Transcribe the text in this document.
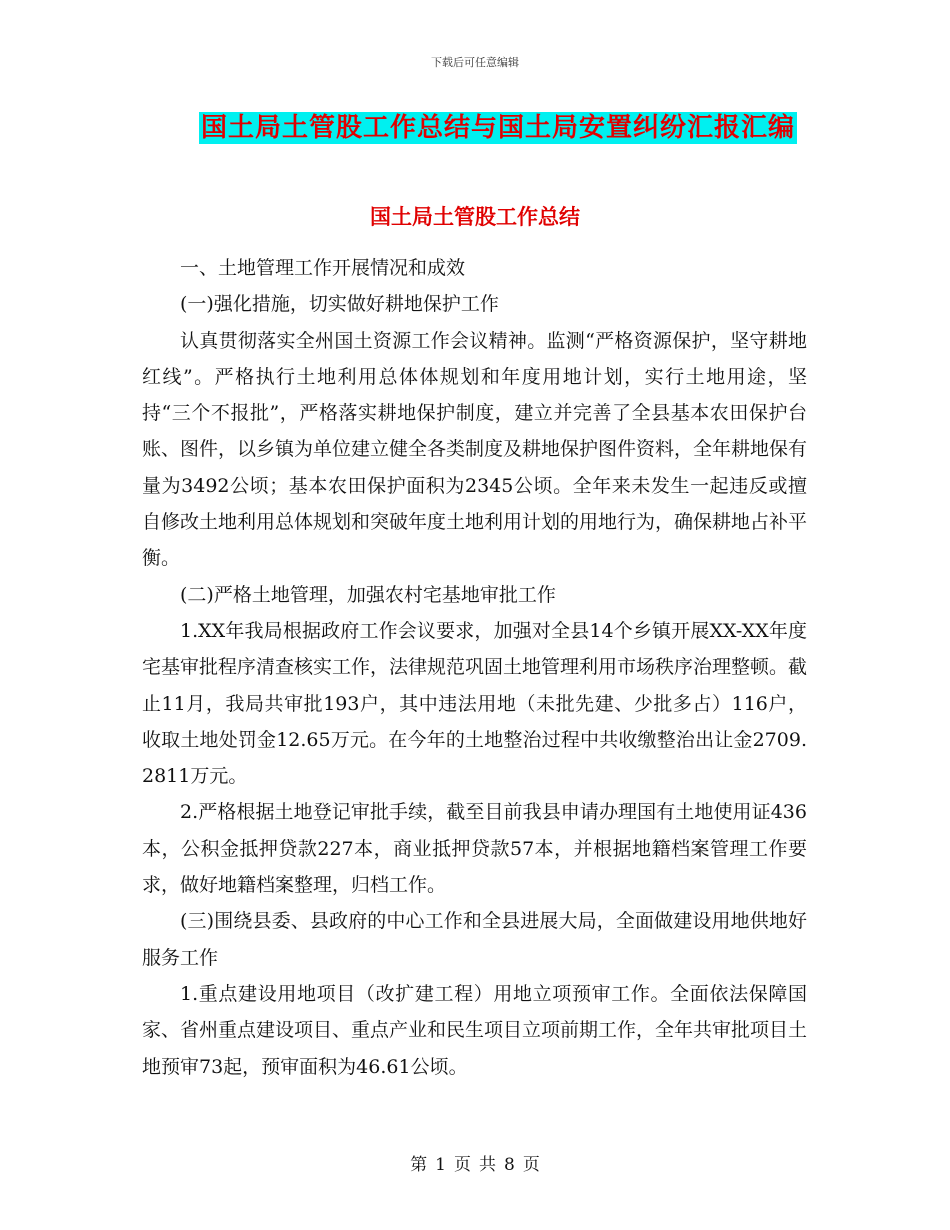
下载后可任意编辑
国土局土管股工作总结与国土局安置纠纷汇报汇编
国土局土管股工作总结

一、土地管理工作开展情况和成效

(一)强化措施，切实做好耕地保护工作

认真贯彻落实全州国土资源工作会议精神。监测“严格资源保护，坚守耕地红线”。严格执行土地利用总体体规划和年度用地计划，实行土地用途，坚持“三个不报批”，严格落实耕地保护制度，建立并完善了全县基本农田保护台账、图件，以乡镇为单位建立健全各类制度及耕地保护图件资料，全年耕地保有量为3492公顷；基本农田保护面积为2345公顷。全年来未发生一起违反或擅自修改土地利用总体规划和突破年度土地利用计划的用地行为，确保耕地占补平衡。

(二)严格土地管理，加强农村宅基地审批工作

1.XX年我局根据政府工作会议要求，加强对全县14个乡镇开展XX-XX年度宅基审批程序清查核实工作，法律规范巩固土地管理利用市场秩序治理整顿。截止11月，我局共审批193户，其中违法用地（未批先建、少批多占）116户，收取土地处罚金12.65万元。在今年的土地整治过程中共收缴整治出让金2709.2811万元。

2.严格根据土地登记审批手续，截至目前我县申请办理国有土地使用证436本，公积金抵押贷款227本，商业抵押贷款57本，并根据地籍档案管理工作要求，做好地籍档案整理，归档工作。

(三)围绕县委、县政府的中心工作和全县进展大局，全面做建设用地供地好服务工作

1.重点建设用地项目（改扩建工程）用地立项预审工作。全面依法保障国家、省州重点建设项目、重点产业和民生项目立项前期工作，全年共审批项目土地预审73起，预审面积为46.61公顷。

第 1 页 共 8 页
